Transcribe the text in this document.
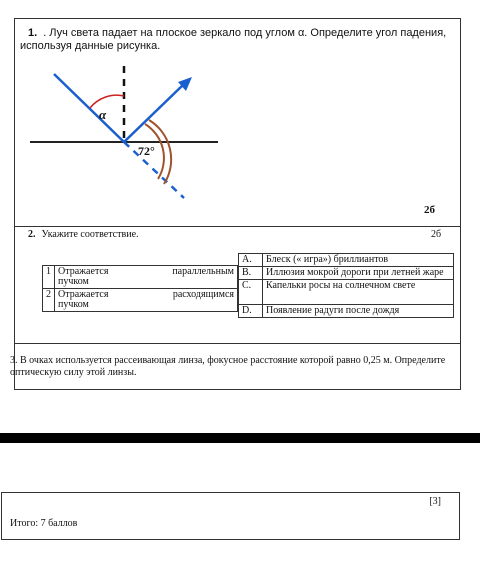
1. . Луч света падает на плоское зеркало под углом α. Определите угол падения, используя данные рисунка.
α
72°
2б
2. Укажите соответствие.	2б
1	Отражается параллельным
пучком

2	Отражается расходящимся
пучком
A.	Блеск (« игра») бриллиантов
B.	Иллюзия мокрой дороги при летней жаре
C.	Капельки росы на солнечном свете
D.	Появление радуги после дождя
3. В очках используется рассеивающая линза, фокусное расстояние которой равно 0,25 м. Определите оптическую силу этой линзы.
[3]
Итого: 7 баллов
